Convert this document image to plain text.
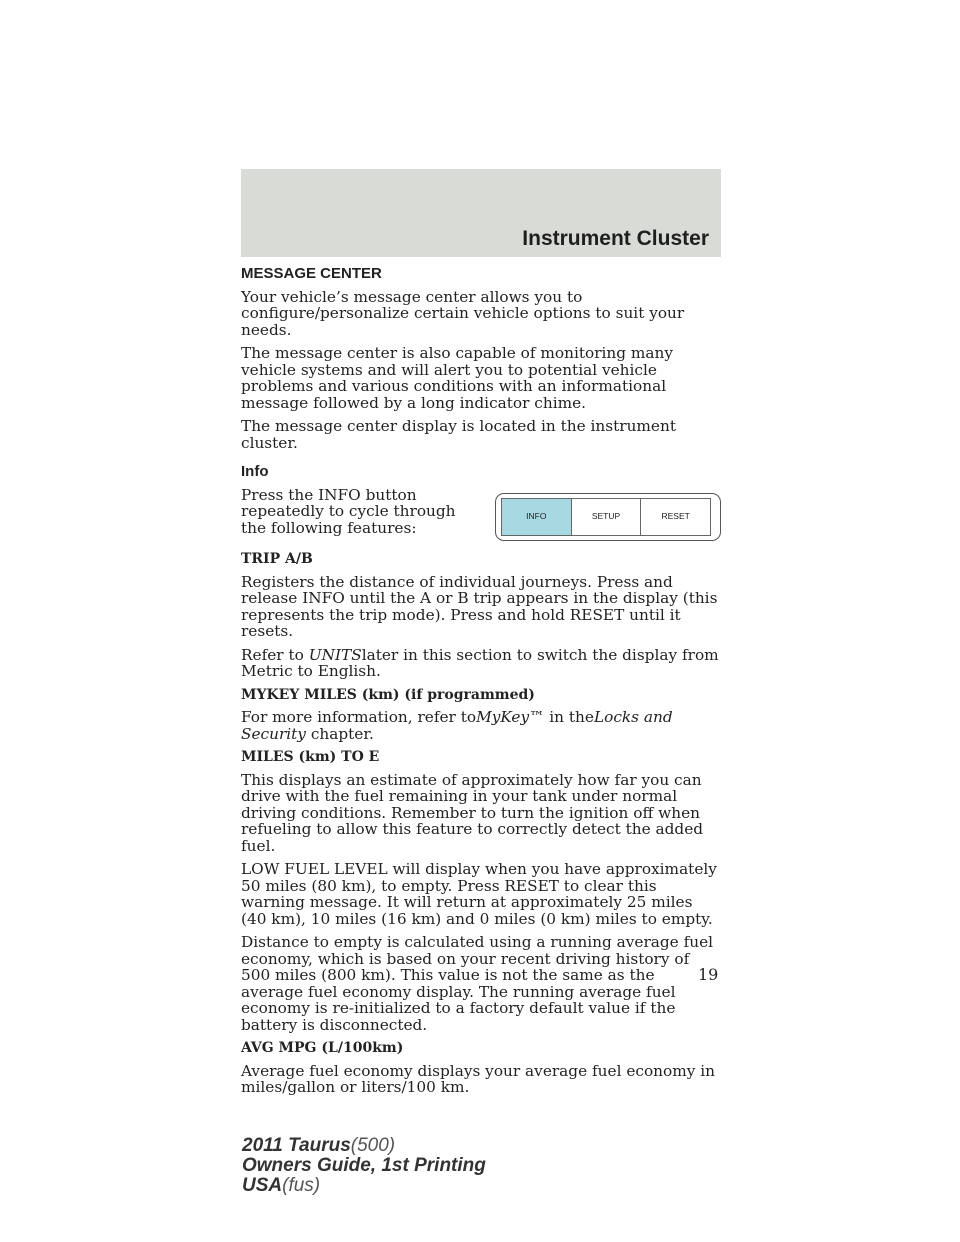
Instrument Cluster
MESSAGE CENTER

Your vehicle’s message center allows you to configure/personalize certain vehicle options to suit your needs.

The message center is also capable of monitoring many vehicle systems and will alert you to potential vehicle problems and various conditions with an informational message followed by a long indicator chime.

The message center display is located in the instrument cluster.

Info

Press the INFO button repeatedly to cycle through the following features:

INFO	SETUP	RESET
TRIP A/B

Registers the distance of individual journeys. Press and release INFO until the A or B trip appears in the display (this represents the trip mode). Press and hold RESET until it resets.

Refer to UNITSlater in this section to switch the display from Metric to English.

MYKEY MILES (km) (if programmed)

For more information, refer toMyKey™ in theLocks and Security chapter.

MILES (km) TO E

This displays an estimate of approximately how far you can drive with the fuel remaining in your tank under normal driving conditions. Remember to turn the ignition off when refueling to allow this feature to correctly detect the added fuel.

LOW FUEL LEVEL will display when you have approximately 50 miles (80 km), to empty. Press RESET to clear this warning message. It will return at approximately 25 miles (40 km), 10 miles (16 km) and 0 miles (0 km) miles to empty.

Distance to empty is calculated using a running average fuel economy, which is based on your recent driving history of 500 miles (800 km). This value is not the same as the average fuel economy display. The running average fuel economy is re-initialized to a factory default value if the battery is disconnected.

AVG MPG (L/100km)

Average fuel economy displays your average fuel economy in miles/gallon or liters/100 km.

19
2011 Taurus(500)
Owners Guide, 1st Printing
USA(fus)
